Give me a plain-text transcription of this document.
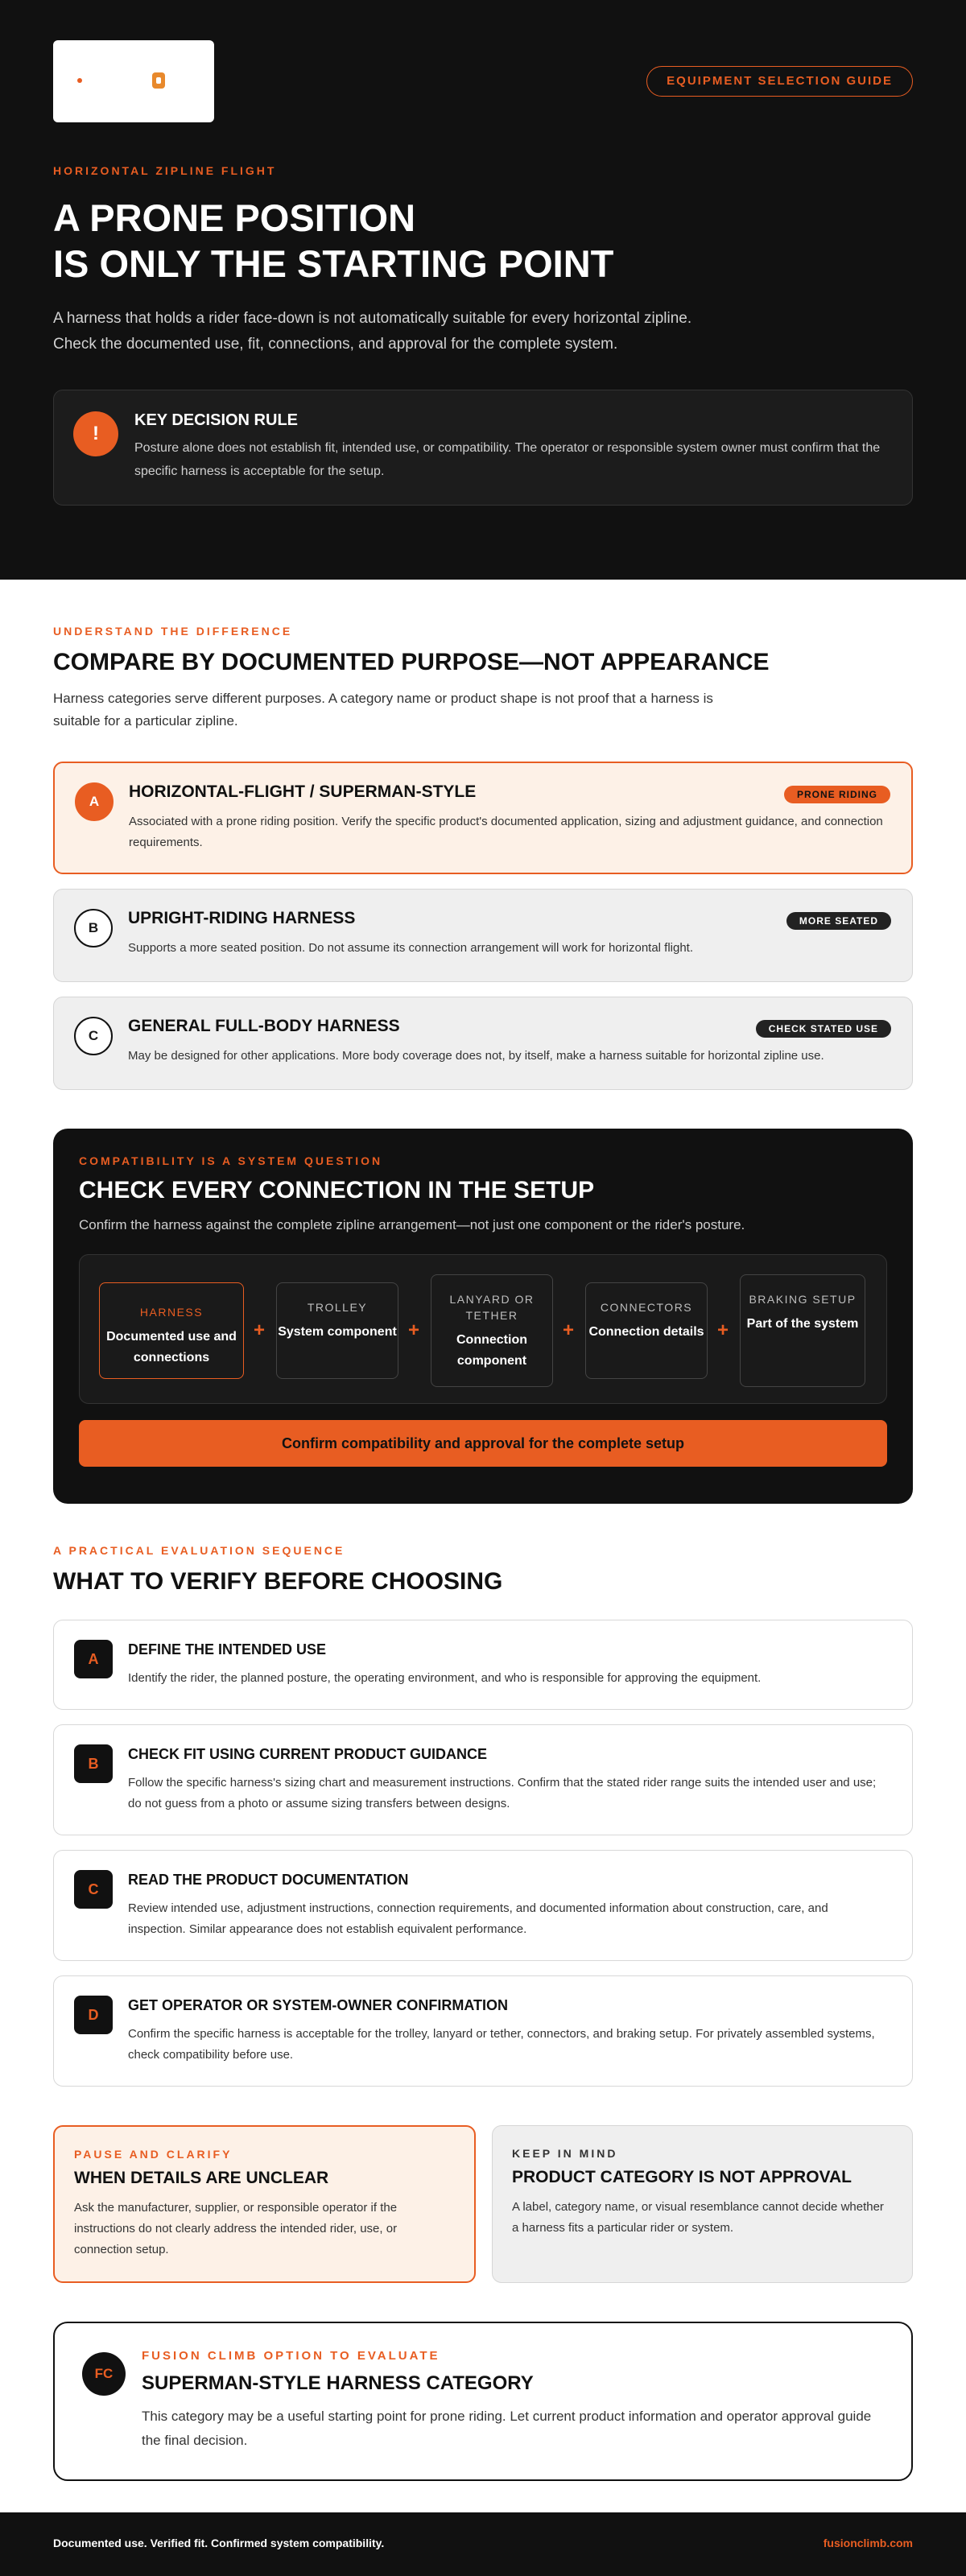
EQUIPMENT SELECTION GUIDE
HORIZONTAL ZIPLINE FLIGHT
A PRONE POSITION
IS ONLY THE STARTING POINT

A harness that holds a rider face-down is not automatically suitable for every horizontal zipline. Check the documented use, fit, connections, and approval for the complete system.

!
KEY DECISION RULE

Posture alone does not establish fit, intended use, or compatibility. The operator or responsible system owner must confirm that the specific harness is acceptable for the setup.

UNDERSTAND THE DIFFERENCE
COMPARE BY DOCUMENTED PURPOSE—NOT APPEARANCE

Harness categories serve different purposes. A category name or product shape is not proof that a harness is suitable for a particular zipline.

A
HORIZONTAL-FLIGHT / SUPERMAN-STYLE	PRONE RIDING

Associated with a prone riding position. Verify the specific product's documented application, sizing and adjustment guidance, and connection requirements.

B
UPRIGHT-RIDING HARNESS	MORE SEATED

Supports a more seated position. Do not assume its connection arrangement will work for horizontal flight.

C
GENERAL FULL-BODY HARNESS	CHECK STATED USE

May be designed for other applications. More body coverage does not, by itself, make a harness suitable for horizontal zipline use.

COMPATIBILITY IS A SYSTEM QUESTION
CHECK EVERY CONNECTION IN THE SETUP

Confirm the harness against the complete zipline arrangement—not just one component or the rider's posture.

HARNESS
Documented use and connections
+
TROLLEY
System component +
LANYARD OR TETHER
Connection component
+
CONNECTORS
Connection details +
BRAKING SETUP
Part of the system
Confirm compatibility and approval for the complete setup
A PRACTICAL EVALUATION SEQUENCE
WHAT TO VERIFY BEFORE CHOOSING
A
DEFINE THE INTENDED USE

Identify the rider, the planned posture, the operating environment, and who is responsible for approving the equipment.

B
CHECK FIT USING CURRENT PRODUCT GUIDANCE

Follow the specific harness's sizing chart and measurement instructions. Confirm that the stated rider range suits the intended user and use; do not guess from a photo or assume sizing transfers between designs.

C
READ THE PRODUCT DOCUMENTATION

Review intended use, adjustment instructions, connection requirements, and documented information about construction, care, and inspection. Similar appearance does not establish equivalent performance.

D
GET OPERATOR OR SYSTEM-OWNER CONFIRMATION

Confirm the specific harness is acceptable for the trolley, lanyard or tether, connectors, and braking setup. For privately assembled systems, check compatibility before use.

PAUSE AND CLARIFY
WHEN DETAILS ARE UNCLEAR

Ask the manufacturer, supplier, or responsible operator if the instructions do not clearly address the intended rider, use, or connection setup.

KEEP IN MIND
PRODUCT CATEGORY IS NOT APPROVAL

A label, category name, or visual resemblance cannot decide whether a harness fits a particular rider or system.

FC
FUSION CLIMB OPTION TO EVALUATE
SUPERMAN-STYLE HARNESS CATEGORY

This category may be a useful starting point for prone riding. Let current product information and operator approval guide the final decision.

Documented use. Verified fit. Confirmed system compatibility.	fusionclimb.com
